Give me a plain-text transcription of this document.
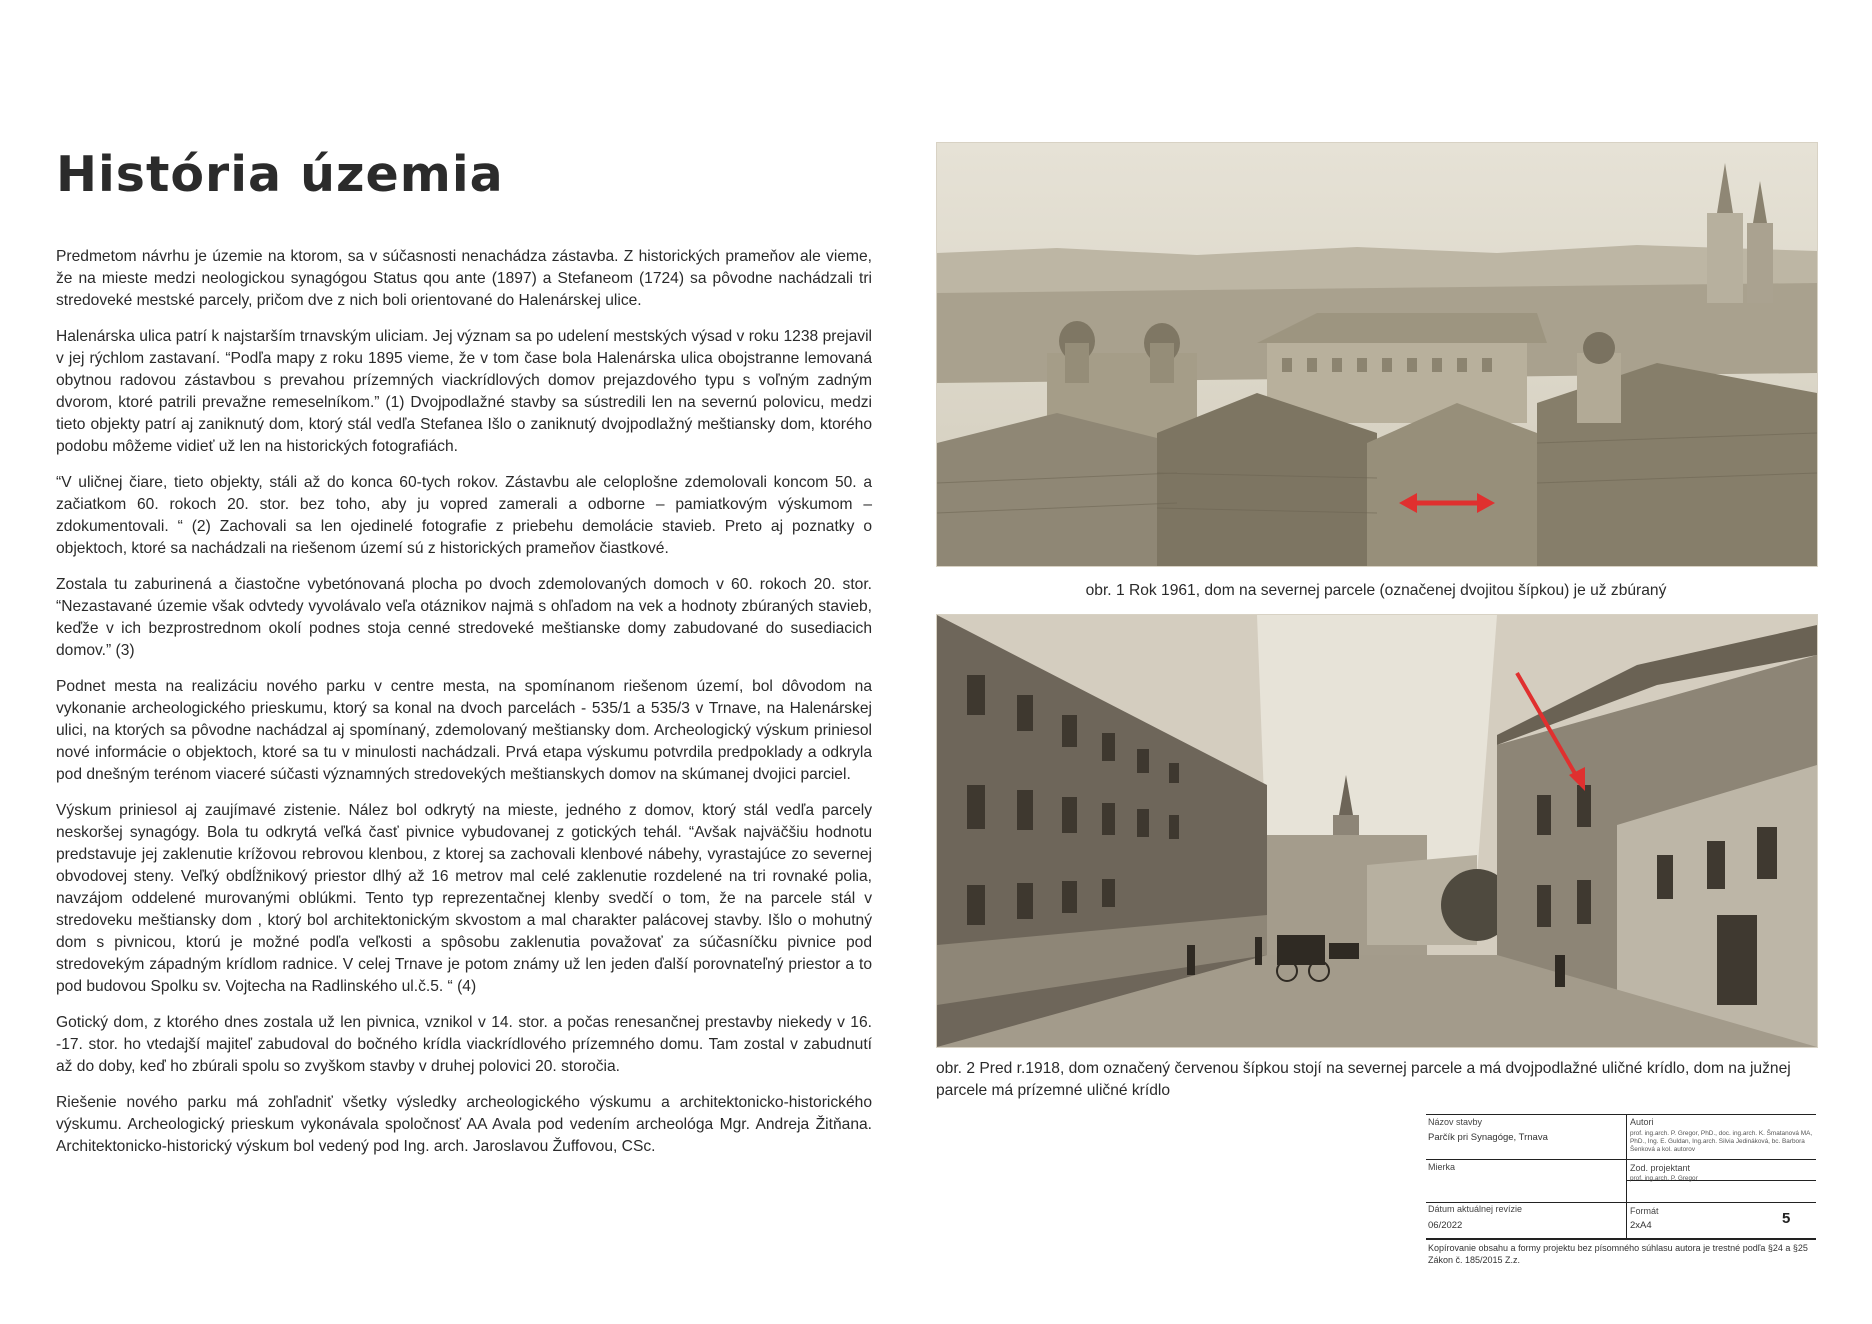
História územia

Predmetom návrhu je územie na ktorom, sa v súčasnosti nenachádza zástavba. Z historických prameňov ale vieme, že na mieste medzi neologickou synagógou Status qou ante (1897) a Stefaneom (1724) sa pôvodne nachádzali tri stredoveké mestské parcely, pričom dve z nich boli orientované do Halenárskej ulice.

Halenárska ulica patrí k najstarším trnavským uliciam. Jej význam sa po udelení mestských výsad v roku 1238 prejavil v jej rýchlom zastavaní. “Podľa mapy z roku 1895 vieme, že v tom čase bola Halenárska ulica obojstranne lemovaná obytnou radovou zástavbou s prevahou prízemných viackrídlových domov prejazdového typu s voľným zadným dvorom, ktoré patrili prevažne remeselníkom.” (1) Dvojpodlažné stavby sa sústredili len na severnú polovicu, medzi tieto objekty patrí aj zaniknutý dom, ktorý stál vedľa Stefanea Išlo o zaniknutý dvojpodlažný meštiansky dom, ktorého podobu môžeme vidieť už len na historických fotografiách.

“V uličnej čiare, tieto objekty, stáli až do konca 60-tych rokov. Zástavbu ale celoplošne zdemolovali koncom 50. a začiatkom 60. rokoch 20. stor. bez toho, aby ju vopred zamerali a odborne – pamiatkovým výskumom – zdokumentovali. “ (2) Zachovali sa len ojedinelé fotografie z priebehu demolácie stavieb. Preto aj poznatky o objektoch, ktoré sa nachádzali na riešenom území sú z historických prameňov čiastkové.

Zostala tu zaburinená a čiastočne vybetónovaná plocha po dvoch zdemolovaných domoch v 60. rokoch 20. stor. “Nezastavané územie však odvtedy vyvolávalo veľa otáznikov najmä s ohľadom na vek a hodnoty zbúraných stavieb, keďže v ich bezprostrednom okolí podnes stoja cenné stredoveké meštianske domy zabudované do susediacich domov.” (3)

Podnet mesta na realizáciu nového parku v centre mesta, na spomínanom riešenom území, bol dôvodom na vykonanie archeologického prieskumu, ktorý sa konal na dvoch parcelách - 535/1 a 535/3 v Trnave, na Halenárskej ulici, na ktorých sa pôvodne nachádzal aj spomínaný, zdemolovaný meštiansky dom. Archeologický výskum priniesol nové informácie o objektoch, ktoré sa tu v minulosti nachádzali. Prvá etapa výskumu potvrdila predpoklady a odkryla pod dnešným terénom viaceré súčasti významných stredovekých meštianskych domov na skúmanej dvojici parciel.

Výskum priniesol aj zaujímavé zistenie. Nález bol odkrytý na mieste, jedného z domov, ktorý stál vedľa parcely neskoršej synagógy. Bola tu odkrytá veľká časť pivnice vybudovanej z gotických tehál. “Avšak najväčšiu hodnotu predstavuje jej zaklenutie krížovou rebrovou klenbou, z ktorej sa zachovali klenbové nábehy, vyrastajúce zo severnej obvodovej steny. Veľký obdĺžnikový priestor dlhý až 16 metrov mal celé zaklenutie rozdelené na tri rovnaké polia, navzájom oddelené murovanými oblúkmi. Tento typ reprezentačnej klenby svedčí o tom, že na parcele stál v stredoveku meštiansky dom , ktorý bol architektonickým skvostom a mal charakter palácovej stavby. Išlo o mohutný dom s pivnicou, ktorú je možné podľa veľkosti a spôsobu zaklenutia považovať za súčasníčku pivnice pod stredovekým západným krídlom radnice. V celej Trnave je potom známy už len jeden ďalší porovnateľný priestor a to pod budovou Spolku sv. Vojtecha na Radlinského ul.č.5. “ (4)

Gotický dom, z ktorého dnes zostala už len pivnica, vznikol v 14. stor. a počas renesančnej prestavby niekedy v 16. -17. stor. ho vtedajší majiteľ zabudoval do bočného krídla viackrídlového prízemného domu. Tam zostal v zabudnutí až do doby, keď ho zbúrali spolu so zvyškom stavby v druhej polovici 20. storočia.

Riešenie nového parku má zohľadniť všetky výsledky archeologického výskumu a architektonicko-historického výskumu. Archeologický prieskum vykonávala spoločnosť AA Avala pod vedením archeológa Mgr. Andreja Žitňana. Architektonicko-historický výskum bol vedený pod Ing. arch. Jaroslavou Žuffovou, CSc.

obr. 1 Rok 1961, dom na severnej parcele (označenej dvojitou šípkou) je už zbúraný
obr. 2 Pred r.1918, dom označený červenou šípkou stojí na severnej parcele a má dvojpodlažné uličné krídlo, dom na južnej parcele má prízemné uličné krídlo
Názov stavby
Parčík pri Synagóge, Trnava
Autori
prof. ing.arch. P. Gregor, PhD., doc. ing.arch. K. Šmatanová MA, PhD., Ing. E. Guldan, Ing.arch. Silvia Jedináková, bc. Barbora Šenková a kol. autorov
Mierka	Zod. projektant
prof. ing.arch. P. Gregor
Dátum aktuálnej revízie
06/2022
Formát
2xA4	5
Kopírovanie obsahu a formy projektu bez písomného súhlasu autora je trestné podľa §24 a §25 Zákon č. 185/2015 Z.z.
